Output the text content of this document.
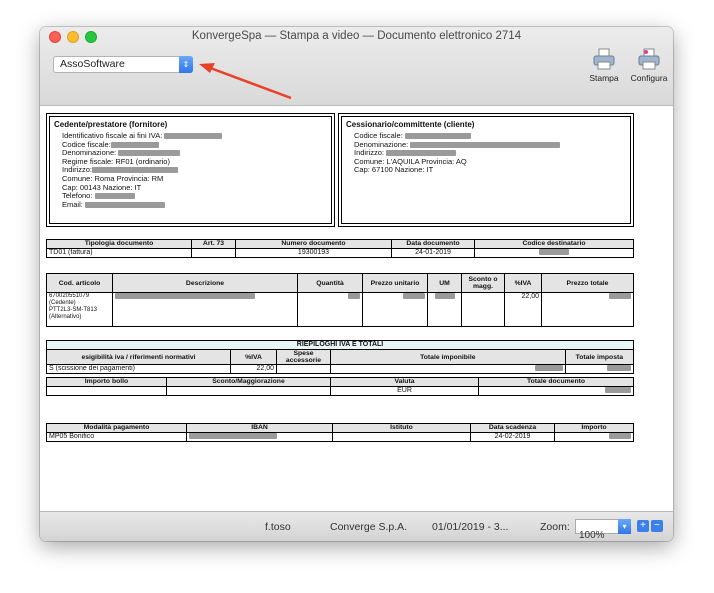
KonvergeSpa — Stampa a video — Documento elettronico 2714
AssoSoftware	⇕
Stampa	Configura
Cedente/prestatore (fornitore)
Identificativo fiscale ai fini IVA:
Codice fiscale:
Denominazione:
Regime fiscale: RF01 (ordinario)
Indirizzo:
Comune: Roma Provincia: RM
Cap: 00143 Nazione: IT
Telefono:
Email:
Cessionario/committente (cliente)
Codice fiscale:
Denominazione:
Indirizzo:
Comune: L'AQUILA Provincia: AQ
Cap: 67100 Nazione: IT
Tipologia documento	Art. 73	Numero documento	Data documento	Codice destinatario
TD01 (fattura)		19300193	24-01-2019	
Cod. articolo	Descrizione	Quantità	Prezzo unitario	UM	Sconto o magg.	%IVA	Prezzo totale

670020551079
(Cedente)
PTT2L3-SM-T813
(Alternativo)						22,00	
RIEPILOGHI IVA E TOTALI				
esigibilità iva / riferimenti normativi	%IVA	Spese accessorie	Totale imponibile	Totale imposta
S (scissione dei pagamenti)	22,00			
Importo bollo	Sconto/Maggiorazione	Valuta	Totale documento
		EUR	
Modalità pagamento	IBAN	Istituto	Data scadenza	Importo
MP05 Bonifico			24-02-2019	
f.toso	Converge S.p.A. 01/01/2019 - 3...	Zoom:
100%
▾	+ −
